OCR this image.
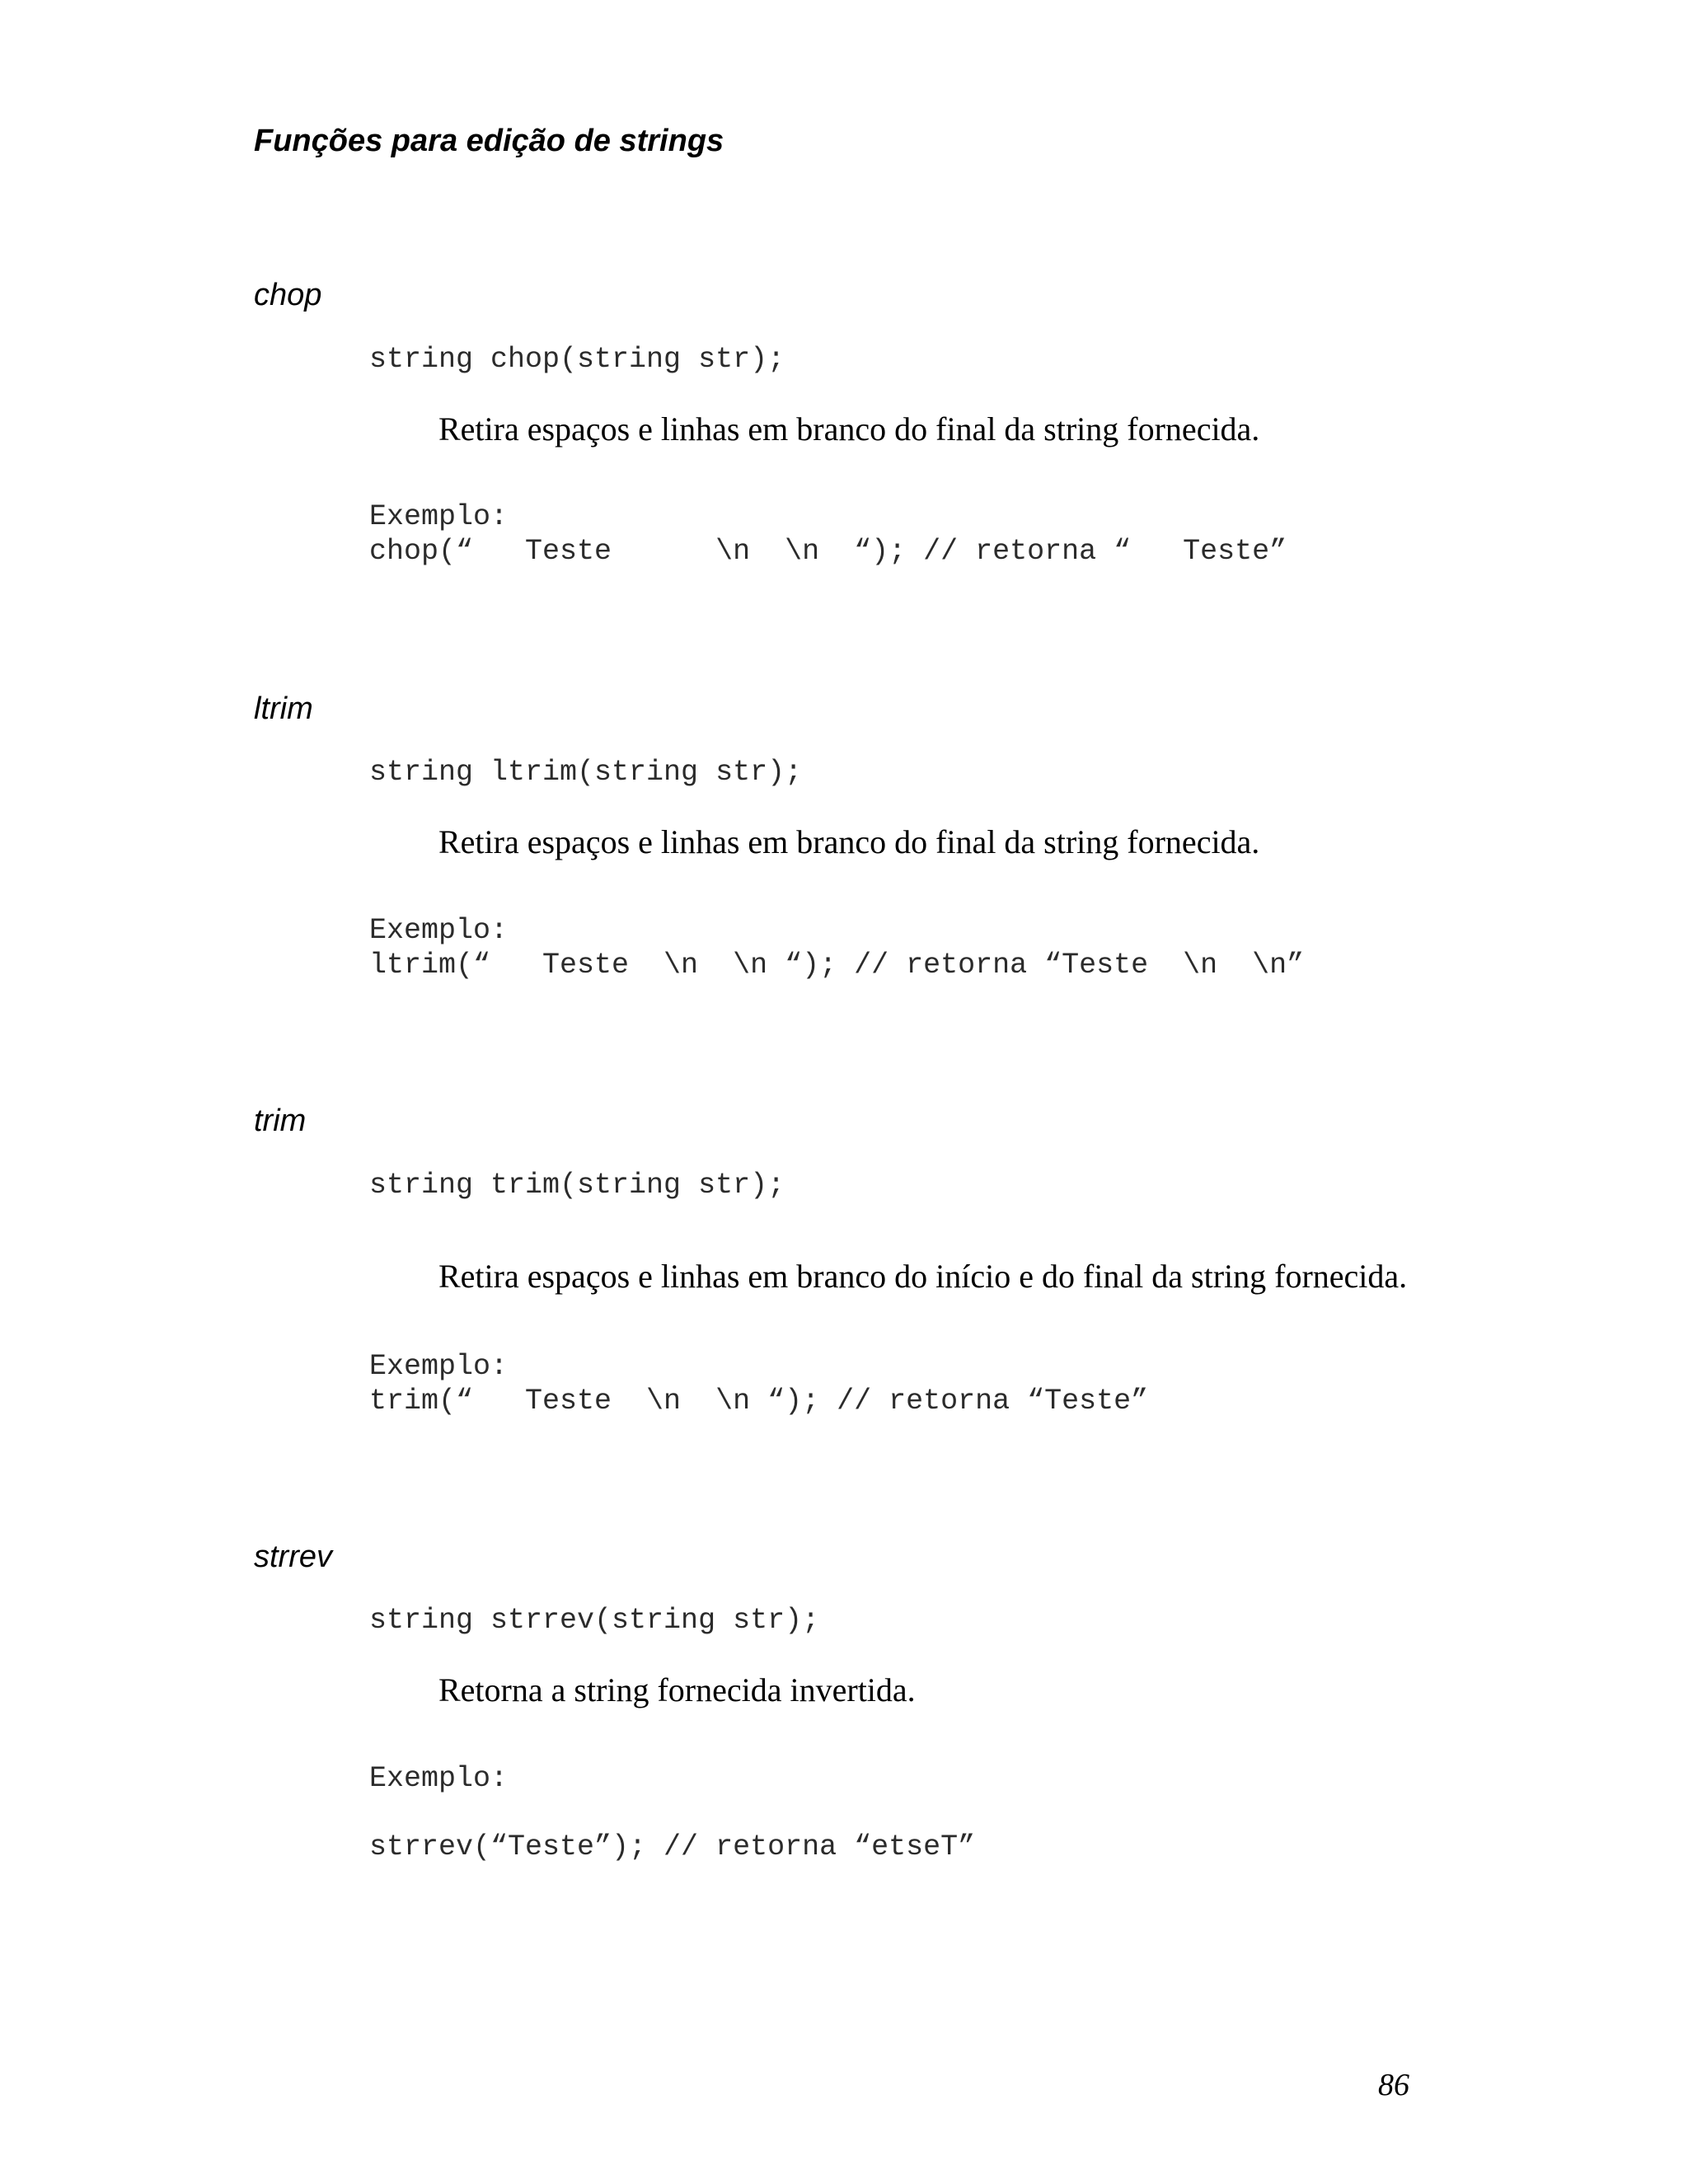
Funções para edição de strings
chop
string chop(string str);
Retira espaços e linhas em branco do final da string fornecida.
Exemplo:
chop(“   Teste      \n  \n  “); // retorna “   Teste”
ltrim
string ltrim(string str);
Retira espaços e linhas em branco do final da string fornecida.
Exemplo:
ltrim(“   Teste  \n  \n “); // retorna “Teste  \n  \n”
trim
string trim(string str);
Retira espaços e linhas em branco do início e do final da string fornecida.
Exemplo:
trim(“   Teste  \n  \n “); // retorna “Teste”
strrev
string strrev(string str);
Retorna a string fornecida invertida.
Exemplo:
strrev(“Teste”); // retorna “etseT”
86
